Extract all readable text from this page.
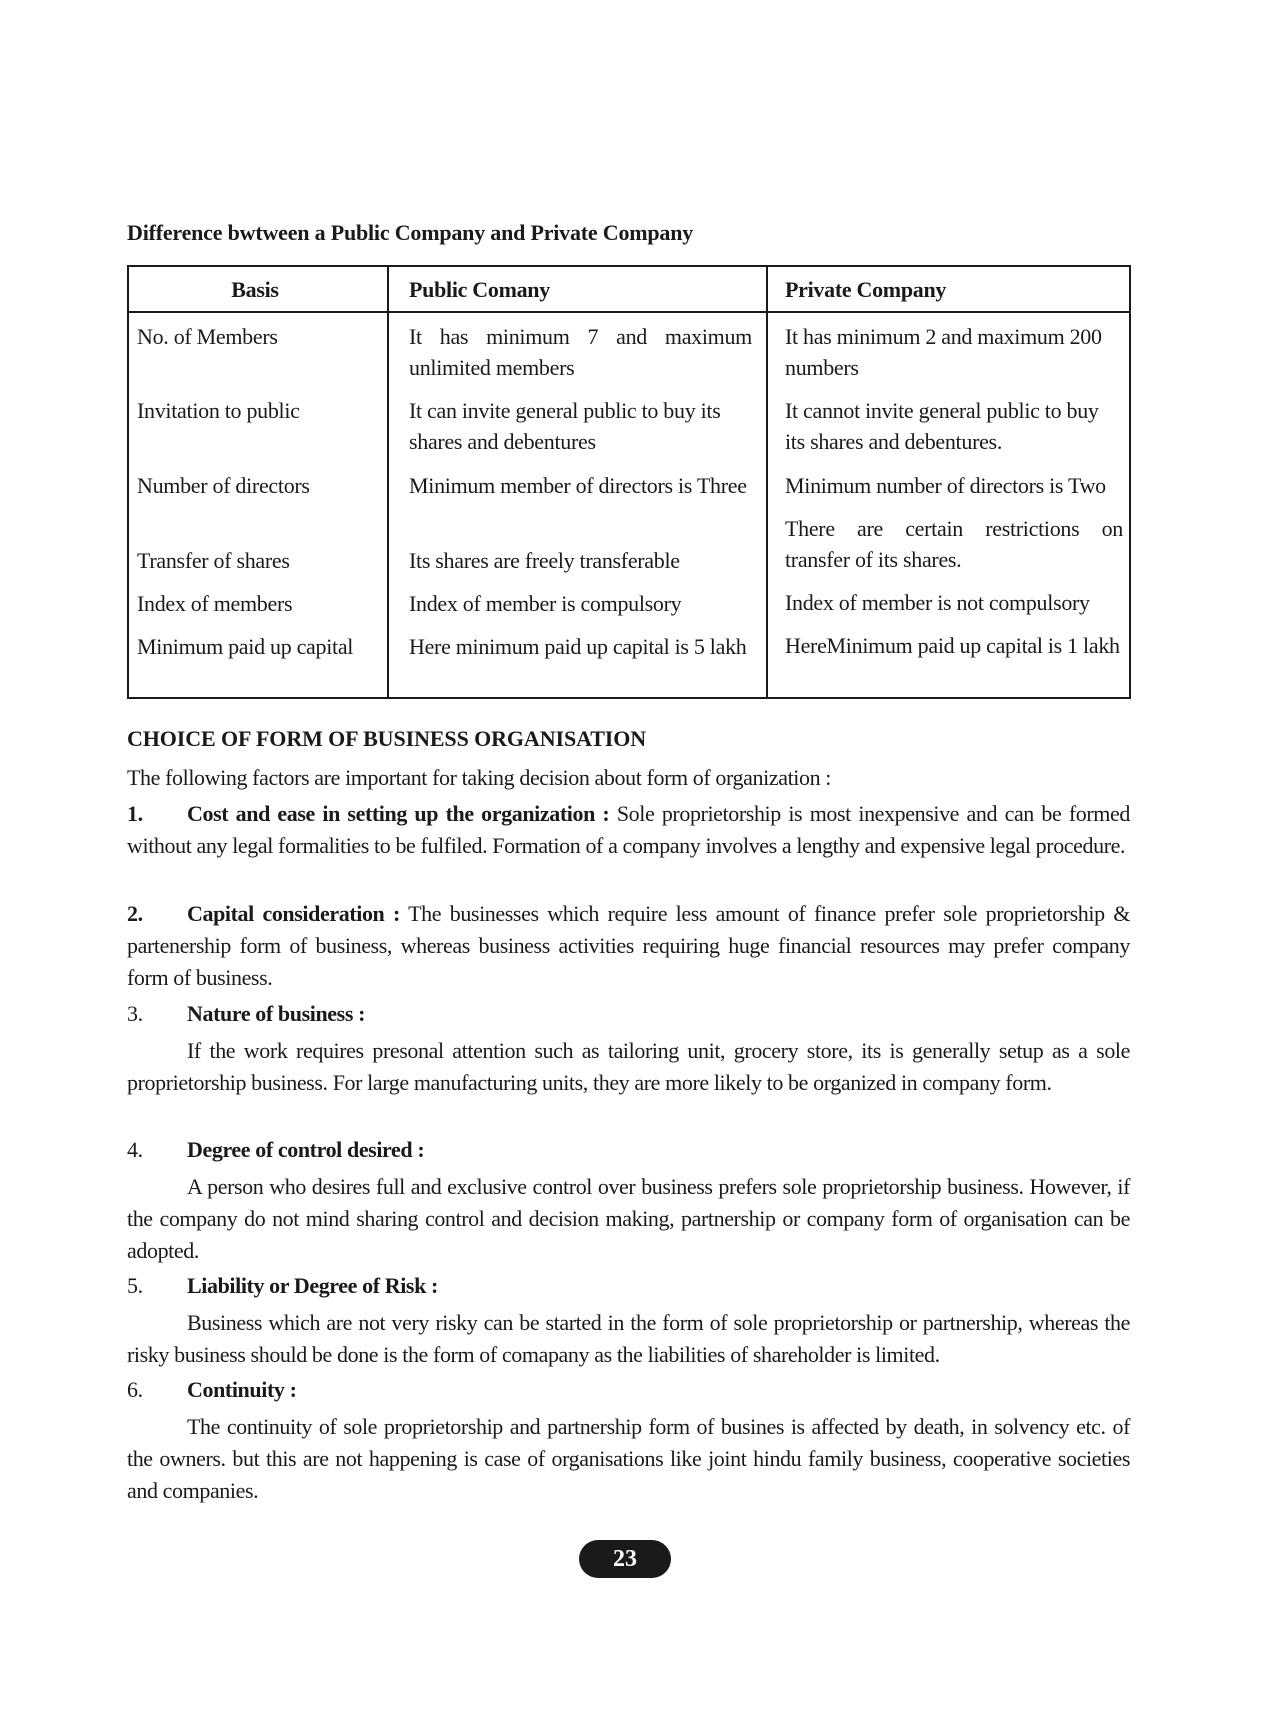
Difference bwtween a Public Company and Private Company
Basis	Public Comany	Private Company
No. of Members
Invitation to public
Number of directors
Transfer of shares
Index of members
Minimum paid up capital
It has minimum 7 and maximum unlimited members
It can invite general public to buy its shares and debentures
Minimum member of directors is Three
Its shares are freely transferable
Index of member is compulsory
Here minimum paid up capital is 5 lakh
It has minimum 2 and maximum 200 numbers
It cannot invite general public to buy its shares and debentures.
Minimum number of directors is Two
There are certain restrictions on transfer of its shares.
Index of member is not compulsory
HereMinimum paid up capital is 1 lakh
CHOICE OF FORM OF BUSINESS ORGANISATION
The following factors are important for taking decision about form of organization :
1. Cost and ease in setting up the organization : Sole proprietorship is most inexpensive and can be formed without any legal formalities to be fulfiled. Formation of a company involves a lengthy and expensive legal procedure.
2. Capital consideration : The businesses which require less amount of finance prefer sole proprietorship & partenership form of business, whereas business activities requiring huge financial resources may prefer company form of business.
3. Nature of business :
If the work requires presonal attention such as tailoring unit, grocery store, its is generally setup as a sole proprietorship business. For large manufacturing units, they are more likely to be organized in company form.
4. Degree of control desired :
A person who desires full and exclusive control over business prefers sole proprietorship business. However, if the company do not mind sharing control and decision making, partnership or company form of organisation can be adopted.
5. Liability or Degree of Risk :
Business which are not very risky can be started in the form of sole proprietorship or partnership, whereas the risky business should be done is the form of comapany as the liabilities of shareholder is limited.
6. Continuity :
The continuity of sole proprietorship and partnership form of busines is affected by death, in solvency etc. of the owners. but this are not happening is case of organisations like joint hindu family business, cooperative societies and companies.
23
